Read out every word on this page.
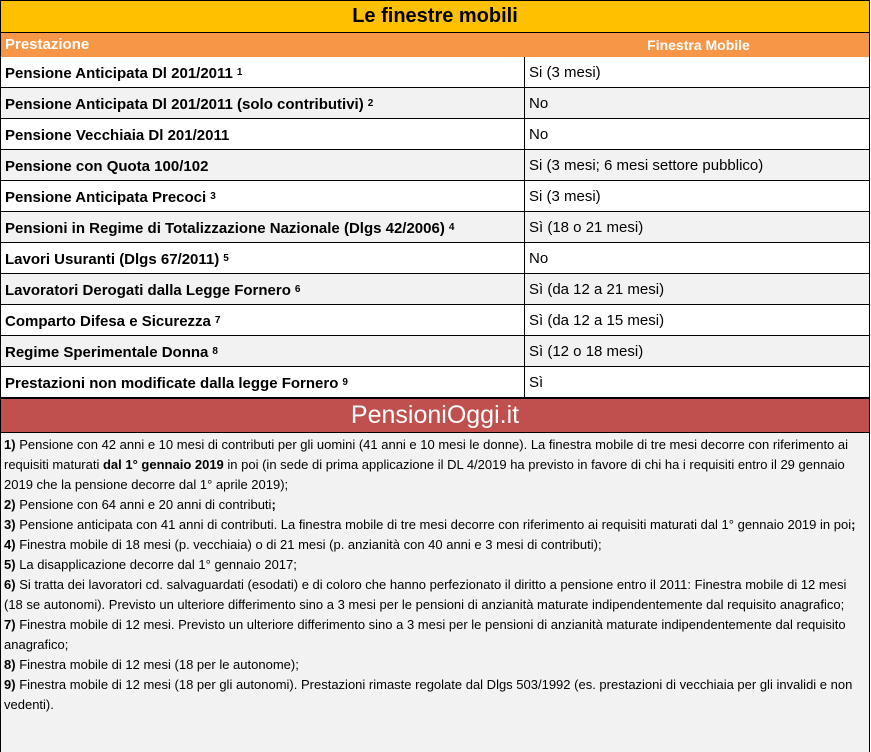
Le finestre mobili
Prestazione	Finestra Mobile
Pensione Anticipata Dl 201/2011 $^1$	Si (3 mesi)
Pensione Anticipata Dl 201/2011 (solo contributivi) $^2$	No
Pensione Vecchiaia Dl 201/2011	No
Pensione con Quota 100/102	Si (3 mesi; 6 mesi settore pubblico)
Pensione Anticipata Precoci $^3$	Si (3 mesi)
Pensioni in Regime di Totalizzazione Nazionale (Dlgs 42/2006) $^4$	Sì (18 o 21 mesi)
Lavori Usuranti (Dlgs 67/2011) $^5$	No
Lavoratori Derogati dalla Legge Fornero $^6$	Sì (da 12 a 21 mesi)
Comparto Difesa e Sicurezza $^7$	Sì (da 12 a 15 mesi)
Regime Sperimentale Donna $^8$	Sì (12 o 18 mesi)
Prestazioni non modificate dalla legge Fornero $^9$	Sì
PensioniOggi.it

1) Pensione con 42 anni e 10 mesi di contributi per gli uomini (41 anni e 10 mesi le donne). La finestra mobile di tre mesi decorre con riferimento ai requisiti maturati dal 1° gennaio 2019 in poi (in sede di prima applicazione il DL 4/2019 ha previsto in favore di chi ha i requisiti entro il 29 gennaio 2019 che la pensione decorre dal 1° aprile 2019);

2) Pensione con 64 anni e 20 anni di contributi;

3) Pensione anticipata con 41 anni di contributi. La finestra mobile di tre mesi decorre con riferimento ai requisiti maturati dal 1° gennaio 2019 in poi;

4) Finestra mobile di 18 mesi (p. vecchiaia) o di 21 mesi (p. anzianità con 40 anni e 3 mesi di contributi);

5) La disapplicazione decorre dal 1° gennaio 2017;

6) Si tratta dei lavoratori cd. salvaguardati (esodati) e di coloro che hanno perfezionato il diritto a pensione entro il 2011: Finestra mobile di 12 mesi (18 se autonomi). Previsto un ulteriore differimento sino a 3 mesi per le pensioni di anzianità maturate indipendentemente dal requisito anagrafico;

7) Finestra mobile di 12 mesi. Previsto un ulteriore differimento sino a 3 mesi per le pensioni di anzianità maturate indipendentemente dal requisito anagrafico;

8) Finestra mobile di 12 mesi (18 per le autonome);

9) Finestra mobile di 12 mesi (18 per gli autonomi). Prestazioni rimaste regolate dal Dlgs 503/1992 (es. prestazioni di vecchiaia per gli invalidi e non vedenti).
